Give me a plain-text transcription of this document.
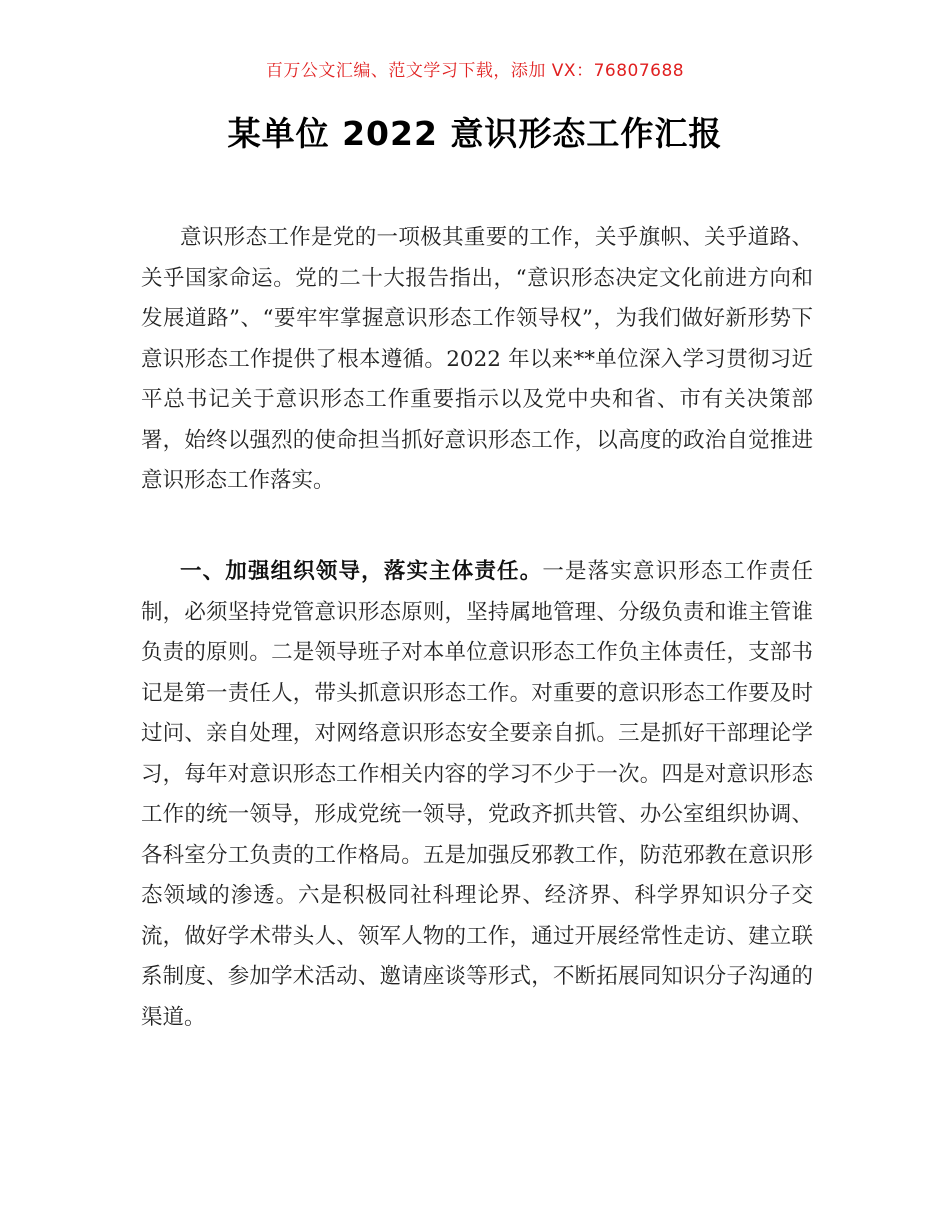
百万公文汇编、范文学习下载，添加 VX：76807688
某单位 2022 意识形态工作汇报

意识形态工作是党的一项极其重要的工作，关乎旗帜、关乎道路、关乎国家命运。党的二十大报告指出，“意识形态决定文化前进方向和发展道路”、“要牢牢掌握意识形态工作领导权”，为我们做好新形势下意识形态工作提供了根本遵循。2022 年以来**单位深入学习贯彻习近平总书记关于意识形态工作重要指示以及党中央和省、市有关决策部署，始终以强烈的使命担当抓好意识形态工作，以高度的政治自觉推进意识形态工作落实。

一、加强组织领导，落实主体责任。一是落实意识形态工作责任制，必须坚持党管意识形态原则，坚持属地管理、分级负责和谁主管谁负责的原则。二是领导班子对本单位意识形态工作负主体责任，支部书记是第一责任人，带头抓意识形态工作。对重要的意识形态工作要及时过问、亲自处理，对网络意识形态安全要亲自抓。三是抓好干部理论学习，每年对意识形态工作相关内容的学习不少于一次。四是对意识形态工作的统一领导，形成党统一领导，党政齐抓共管、办公室组织协调、各科室分工负责的工作格局。五是加强反邪教工作，防范邪教在意识形态领域的渗透。六是积极同社科理论界、经济界、科学界知识分子交流，做好学术带头人、领军人物的工作，通过开展经常性走访、建立联系制度、参加学术活动、邀请座谈等形式，不断拓展同知识分子沟通的渠道。
